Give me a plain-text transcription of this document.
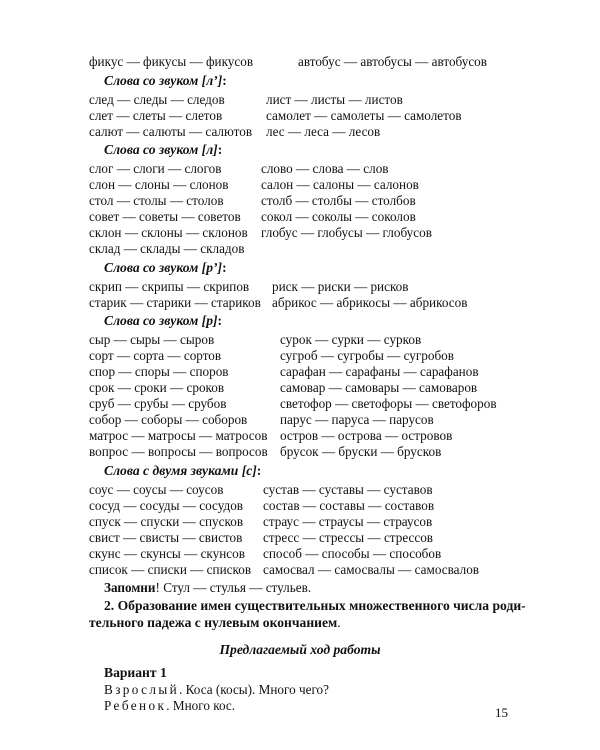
фикус — фикусы — фикусов	автобус — автобусы — автобусов
Слова со звуком [л’]:
след — следы — следов
слет — слеты — слетов
салют — салюты — салютов
лист — листы — листов
самолет — самолеты — самолетов
лес — леса — лесов
Слова со звуком [л]:
слог — слоги — слогов
слон — слоны — слонов
стол — столы — столов
совет — советы — советов
склон — склоны — склонов
склад — склады — складов
слово — слова — слов
салон — салоны — салонов
столб — столбы — столбов
сокол — соколы — соколов
глобус — глобусы — глобусов
Слова со звуком [р’]:
скрип — скрипы — скрипов
старик — старики — стариков
риск — риски — рисков
абрикос — абрикосы — абрикосов
Слова со звуком [р]:
сыр — сыры — сыров
сорт — сорта — сортов
спор — споры — споров
срок — сроки — сроков
сруб — срубы — срубов
собор — соборы — соборов
матрос — матросы — матросов
вопрос — вопросы — вопросов
сурок — сурки — сурков
сугроб — сугробы — сугробов
сарафан — сарафаны — сарафанов
самовар — самовары — самоваров
светофор — светофоры — светофоров
парус — паруса — парусов
остров — острова — островов
брусок — бруски — брусков
Слова с двумя звуками [с]:
соус — соусы — соусов
сосуд — сосуды — сосудов
спуск — спуски — спусков
свист — свисты — свистов
скунс — скунсы — скунсов
список — списки — списков
сустав — суставы — суставов
состав — составы — составов
страус — страусы — страусов
стресс — стрессы — стрессов
способ — способы — способов
самосвал — самосвалы — самосвалов
Запомни! Стул — стулья — стульев.
2. Образование имен существительных множественного числа роди-
тельного падежа с нулевым окончанием.
Предлагаемый ход работы
Вариант 1
Взрослый. Коса (косы). Много чего?
Ребенок. Много кос.	15
